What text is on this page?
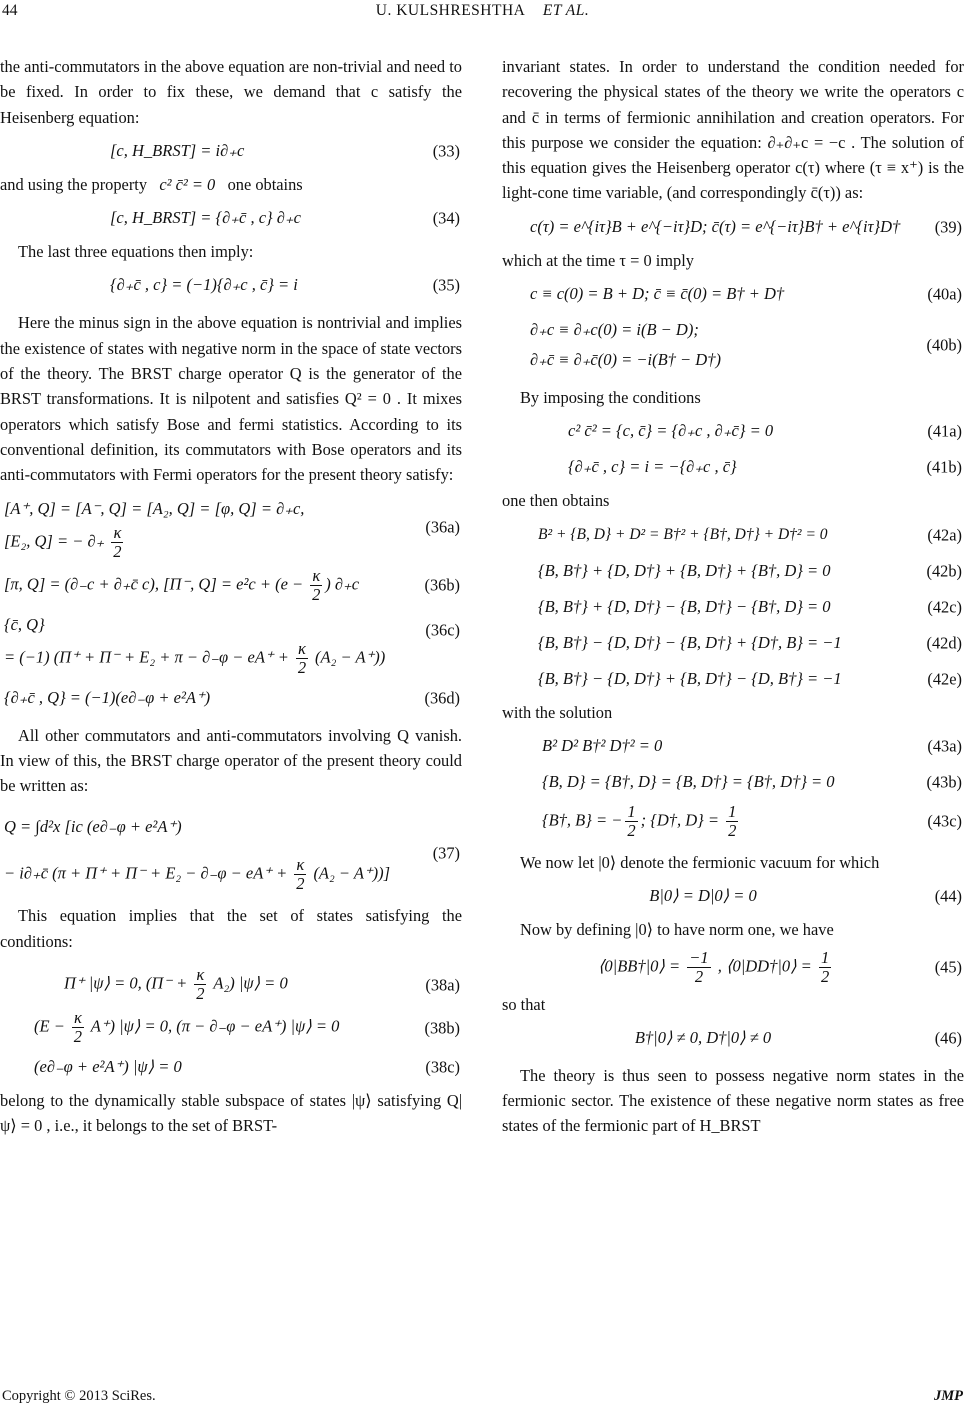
44	U. KULSHRESHTHA ET AL.

the anti-commutators in the above equation are non-trivial and need to be fixed. In order to fix these, we demand that c satisfy the Heisenberg equation:

[c, H_BRST] = i∂₊c	(33)

and using the property c² c̄² = 0 one obtains

[c, H_BRST] = {∂₊c̄ , c} ∂₊c	(34)

The last three equations then imply:

{∂₊c̄ , c} = (−1){∂₊c , c̄} = i	(35)

Here the minus sign in the above equation is nontrivial and implies the existence of states with negative norm in the space of state vectors of the theory. The BRST charge operator Q is the generator of the BRST transformations. It is nilpotent and satisfies Q² = 0 . It mixes operators which satisfy Bose and fermi statistics. According to its conventional definition, its commutators with Bose operators and its anti-commutators with Fermi operators for the present theory satisfy:

[A⁺, Q] = [A⁻, Q] = [A₂, Q] = [φ, Q] = ∂₊c,
[E₂, Q] = − ∂₊ $\frac{\kappa}{2}$	(36a)
[π, Q] = (∂₋c + ∂₊c̄ c), [Π⁻, $Q] = e^2c + (e - \frac{\kappa}{2}$ ) ∂₊c	(36b)
{c̄, Q}
= (−1) $(\Pi^+ + \Pi^- + E_2 + \pi - \partial_-\varphi - eA^+ + \frac{\kappa}{2} (A_2 - A^+))$
(36c)
{∂₊c̄ , Q} = (−1)(e∂₋φ + e²A⁺)	(36d)

All other commutators and anti-commutators involving Q vanish. In view of this, the BRST charge operator of the present theory could be written as:

Q = ∫d²x [ic (e∂₋φ + e²A⁺)
− i∂₊c̄ $(\pi + \Pi^+ + \Pi^- + E_2 - \partial_-\varphi - eA^+ + \frac{\kappa}{2} (A_2 - A^+))$]
(37)

This equation implies that the set of states satisfying the conditions:

Π⁺ |ψ⟩ = 0, $(\Pi^- + \frac{\kappa}{2} A_2)$ |ψ⟩ = 0	(38a)
$(E - \frac{\kappa}{2} A^+)$ |ψ⟩ = 0, (π − ∂₋φ − eA⁺) |ψ⟩ = 0	(38b)
(e∂₋φ + e²A⁺) |ψ⟩ = 0	(38c)

belong to the dynamically stable subspace of states |ψ⟩ satisfying Q|ψ⟩ = 0 , i.e., it belongs to the set of BRST-

invariant states. In order to understand the condition needed for recovering the physical states of the theory we write the operators c and c̄ in terms of fermionic annihilation and creation operators. For this purpose we consider the equation: ∂₊∂₊c = −c . The solution of this equation gives the Heisenberg operator c(τ) where (τ ≡ x⁺) is the light-cone time variable, (and correspondingly c̄(τ)) as:

c(τ) = e^{iτ}B + e^{−iτ}D; c̄(τ) = e^{−iτ}B† + e^{iτ}D†	(39)

which at the time τ = 0 imply

c ≡ c(0) = B + D; c̄ ≡ c̄(0) = B† + D†	(40a)
∂₊c ≡ ∂₊c(0) = i(B − D);
∂₊c̄ ≡ ∂₊c̄(0) = −i(B† − D†)
(40b)

By imposing the conditions

c² c̄² = {c, c̄} = {∂₊c , ∂₊c̄} = 0	(41a)
{∂₊c̄ , c} = i = −{∂₊c , c̄}	(41b)

one then obtains

B² + {B, D} + D² = B†² + {B†, D†} + D†² = 0	(42a)
{B, B†} + {D, D†} + {B, D†} + {B†, D} = 0	(42b)
{B, B†} + {D, D†} − {B, D†} − {B†, D} = 0	(42c)
{B, B†} − {D, D†} − {B, D†} + {D†, B} = −1	(42d)
{B, B†} − {D, D†} + {B, D†} − {D, B†} = −1	(42e)

with the solution

B² D² B†² D†² = 0	(43a)
{B, D} = {B†, D} = {B, D†} = {B†, D†} = 0	(43b)
{B†, B} = − $\frac{1}{2}$ ; {D†, $D\} = \frac{1}{2}$	(43c)

We now let |0⟩ denote the fermionic vacuum for which

B|0⟩ = D|0⟩ = 0	(44)

Now by defining |0⟩ to have norm one, we have

⟨0|BB†|0⟩ = $\frac{-1}{2}$ , ⟨0|DD†|0⟩ = $\frac{1}{2}$	(45)

so that

B†|0⟩ ≠ 0, D†|0⟩ ≠ 0	(46)

The theory is thus seen to possess negative norm states in the fermionic sector. The existence of these negative norm states as free states of the fermionic part of H_BRST

Copyright © 2013 SciRes.	JMP
